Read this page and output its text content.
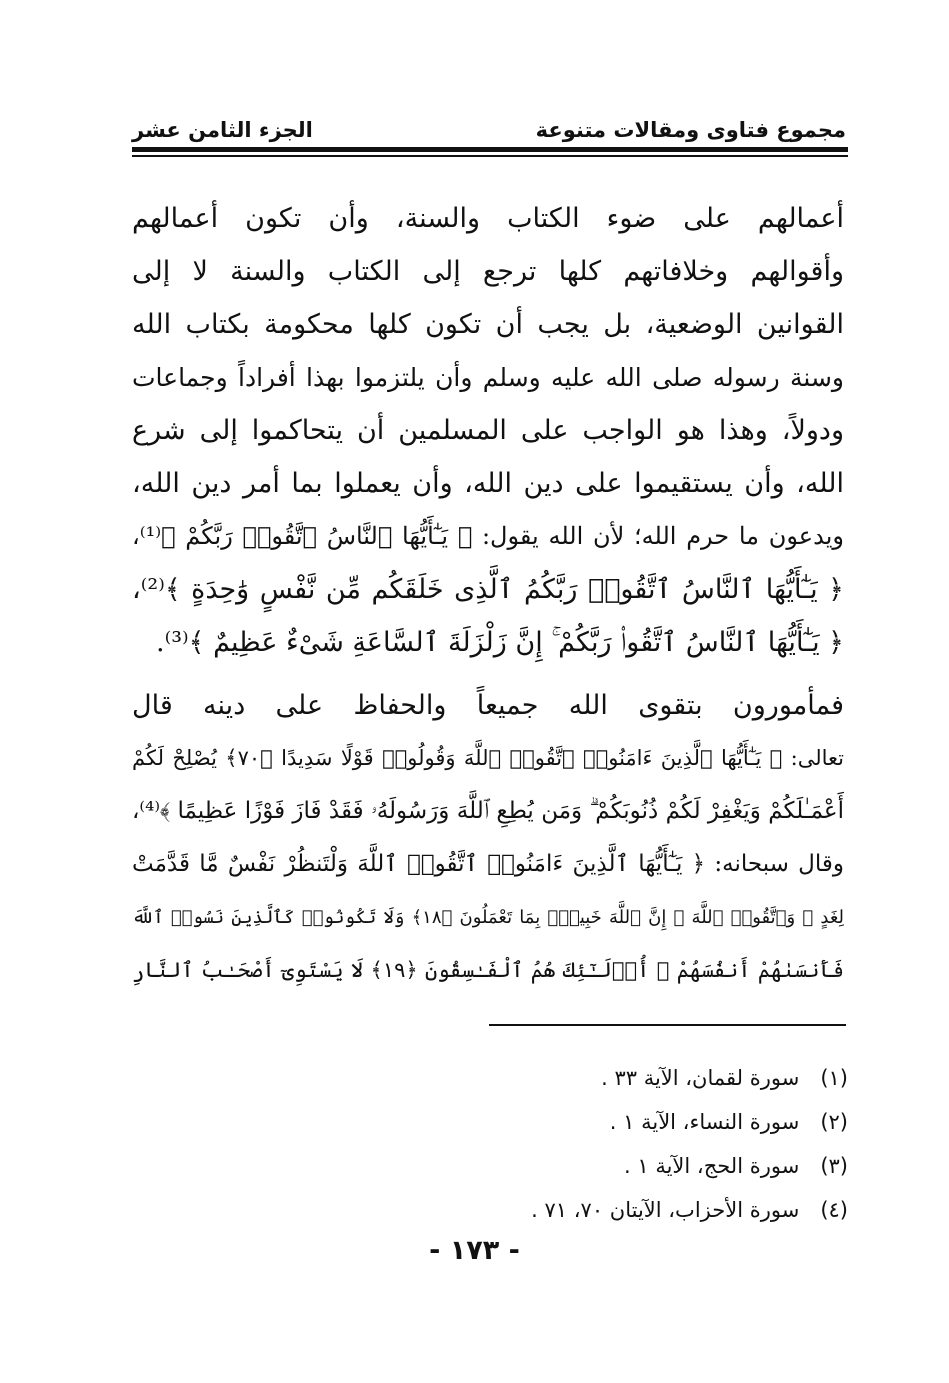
مجموع فتاوى ومقالات متنوعة
الجزء الثامن عشر
أعمالهم على ضوء الكتاب والسنة، وأن تكون أعمالهم
وأقوالهم وخلافاتهم كلها ترجع إلى الكتاب والسنة لا إلى
القوانين الوضعية، بل يجب أن تكون كلها محكومة بكتاب الله
وسنة رسوله صلى الله عليه وسلم وأن يلتزموا بهذا أفراداً وجماعات
ودولاً، وهذا هو الواجب على المسلمين أن يتحاكموا إلى شرع
الله، وأن يستقيموا على دين الله، وأن يعملوا بما أمر دين الله،
ويدعون ما حرم الله؛ لأن الله يقول: ﴿ يَـٰٓأَيُّهَا ٱلنَّاسُ ٱتَّقُوا۟ رَبَّكُمْ ﴾⁽¹⁾،
﴿ يَـٰٓأَيُّهَا ٱلنَّاسُ ٱتَّقُوا۟ رَبَّكُمُ ٱلَّذِى خَلَقَكُم مِّن نَّفْسٍ وَٰحِدَةٍ ﴾⁽²⁾،
﴿ يَـٰٓأَيُّهَا ٱلنَّاسُ ٱتَّقُوا۟ رَبَّكُمْ ۚ إِنَّ زَلْزَلَةَ ٱلسَّاعَةِ شَىْءٌ عَظِيمٌ ﴾⁽³⁾.
فمأمورون بتقوى الله جميعاً والحفاظ على دينه قال
تعالى: ﴿ يَـٰٓأَيُّهَا ٱلَّذِينَ ءَامَنُوا۟ ٱتَّقُوا۟ ٱللَّهَ وَقُولُوا۟ قَوْلًا سَدِيدًا ﴿٧٠﴾ يُصْلِحْ لَكُمْ
أَعْمَـٰلَكُمْ وَيَغْفِرْ لَكُمْ ذُنُوبَكُمْ ۗ وَمَن يُطِعِ ٱللَّهَ وَرَسُولَهُۥ فَقَدْ فَازَ فَوْزًا عَظِيمًا ﴾⁽⁴⁾،
وقال سبحانه: ﴿ يَـٰٓأَيُّهَا ٱلَّذِينَ ءَامَنُوا۟ ٱتَّقُوا۟ ٱللَّهَ وَلْتَنظُرْ نَفْسٌ مَّا قَدَّمَتْ
لِغَدٍ ۖ وَٱتَّقُوا۟ ٱللَّهَ ۚ إِنَّ ٱللَّهَ خَبِيرٌۢ بِمَا تَعْمَلُونَ ﴿١٨﴾ وَلَا تَكُونُوا۟ كَٱلَّذِينَ نَسُوا۟ ٱللَّهَ
فَأَنسَىٰهُمْ أَنفُسَهُمْ ۚ أُو۟لَـٰٓئِكَ هُمُ ٱلْفَـٰسِقُونَ ﴿١٩﴾ لَا يَسْتَوِىٓ أَصْحَـٰبُ ٱلنَّارِ
(١) سورة لقمان، الآية ٣٣ .
(٢) سورة النساء، الآية ١ .
(٣) سورة الحج، الآية ١ .
(٤) سورة الأحزاب، الآيتان ٧٠، ٧١ .
- ١٧٣ -
